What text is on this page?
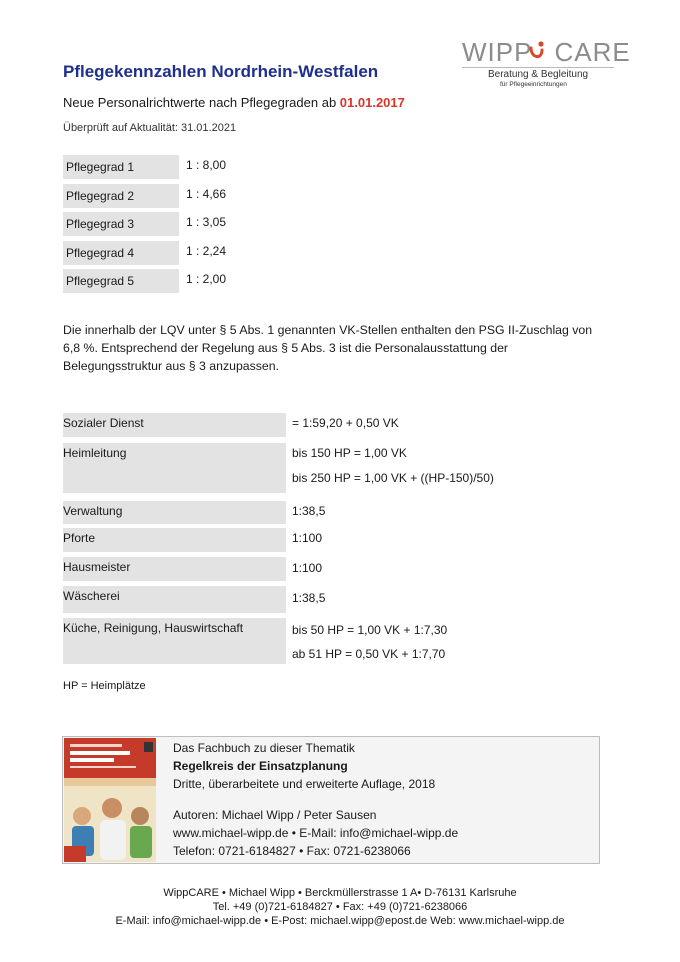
WIPP CARE
Beratung & Begleitung
für Pflegeeinrichtungen
Pflegekennzahlen Nordrhein-Westfalen
Neue Personalrichtwerte nach Pflegegraden ab 01.01.2017
Überprüft auf Aktualität: 31.01.2021
Pflegegrad 1	1 : 8,00
Pflegegrad 2	1 : 4,66
Pflegegrad 3	1 : 3,05
Pflegegrad 4	1 : 2,24
Pflegegrad 5	1 : 2,00
Die innerhalb der LQV unter § 5 Abs. 1 genannten VK-Stellen enthalten den PSG II-Zuschlag von 6,8 %. Entsprechend der Regelung aus § 5 Abs. 3 ist die Personalausstattung der Belegungsstruktur aus § 3 anzupassen.
Sozialer Dienst	= 1:59,20 + 0,50 VK
Heimleitung	bis 150 HP = 1,00 VK
bis 250 HP = 1,00 VK + ((HP-150)/50)
Verwaltung	1:38,5
Pforte	1:100
Hausmeister	1:100
Wäscherei	1:38,5
Küche, Reinigung, Hauswirtschaft	bis 50 HP = 1,00 VK + 1:7,30
ab 51 HP = 0,50 VK + 1:7,70
HP = Heimplätze
Das Fachbuch zu dieser Thematik
Regelkreis der Einsatzplanung
Dritte, überarbeitete und erweiterte Auflage, 2018
Autoren: Michael Wipp / Peter Sausen
www.michael-wipp.de • E-Mail: info@michael-wipp.de
Telefon: 0721-6184827 • Fax: 0721-6238066
WippCARE • Michael Wipp • Berckmüllerstrasse 1 A• D-76131 Karlsruhe
Tel. +49 (0)721-6184827 • Fax: +49 (0)721-6238066
E-Mail: info@michael-wipp.de • E-Post: michael.wipp@epost.de Web: www.michael-wipp.de
